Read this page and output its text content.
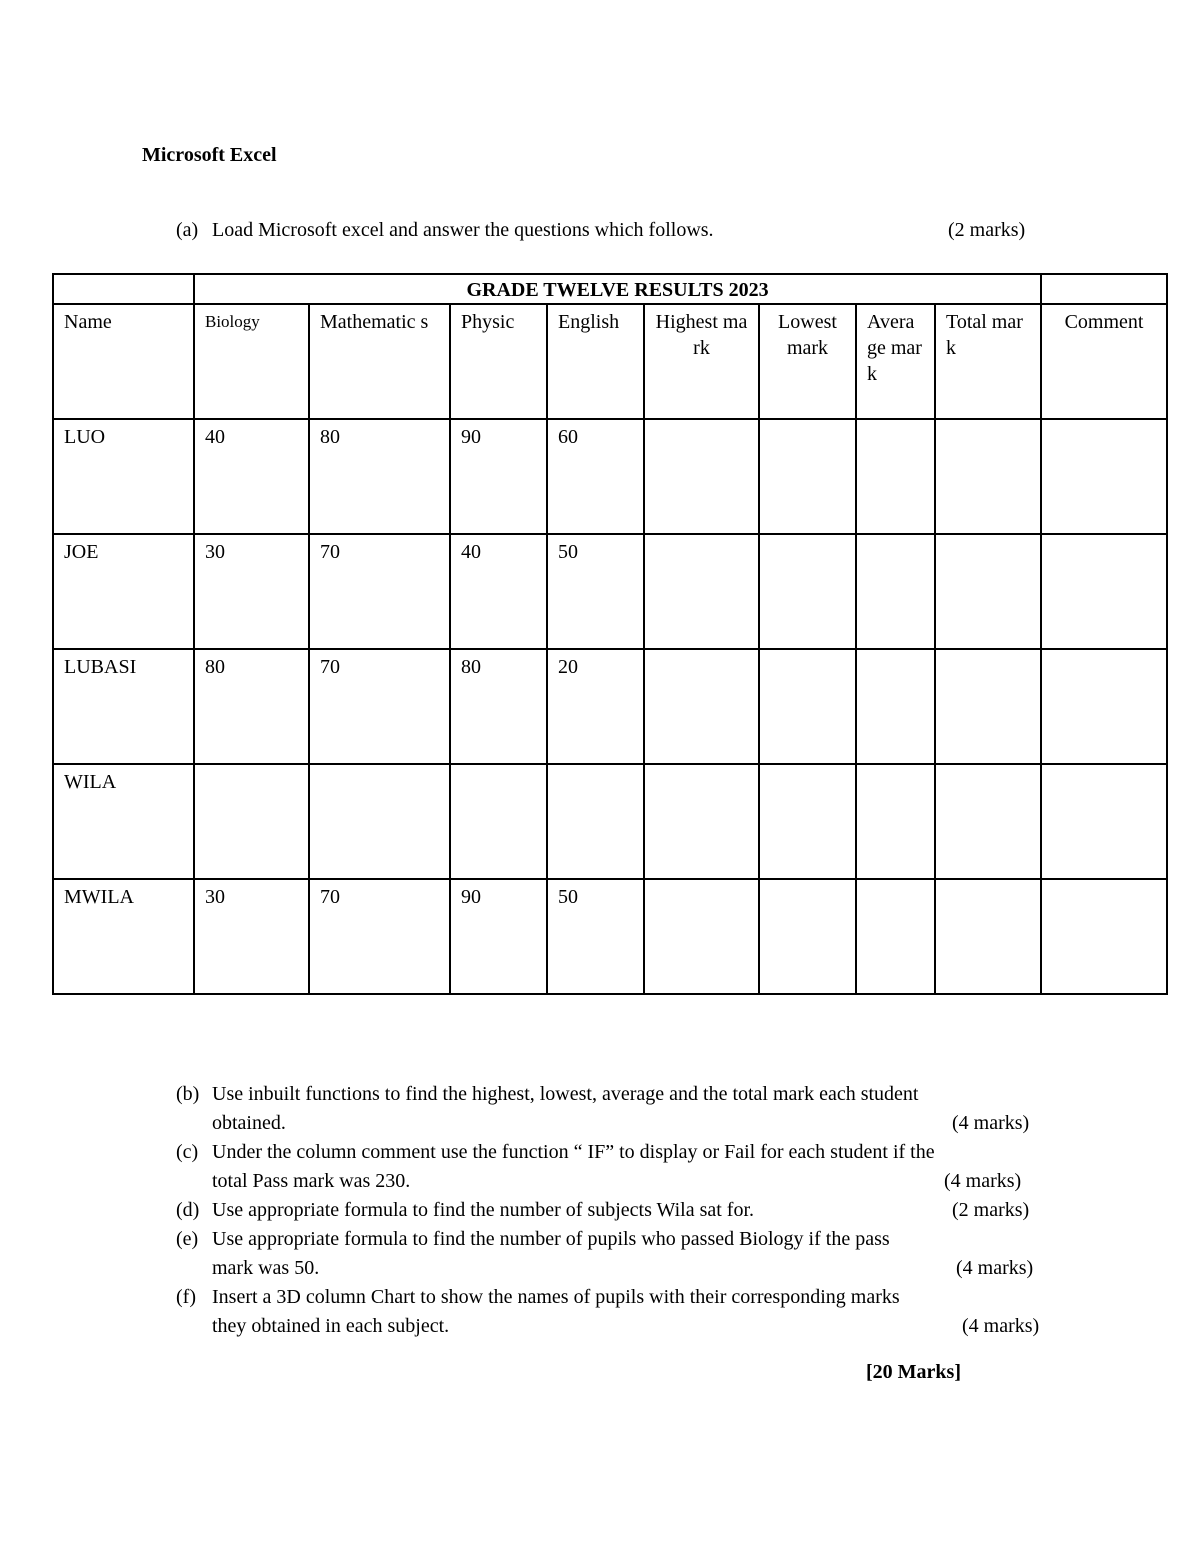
Microsoft Excel
(a) Load Microsoft excel and answer the questions which follows.	(2 marks)
	GRADE TWELVE RESULTS 2023								
Name	Biology	Mathematic s	Physic	English	Highest mark	Lowest mark	Avera ge mark	Total mark	Comment
LUO	40	80	90	60					
JOE	30	70	40	50					
LUBASI	80	70	80	20					
WILA									
MWILA	30	70	90	50					
(b) Use inbuilt functions to find the highest, lowest, average and the total mark each student
obtained.	(4 marks)
(c) Under the column comment use the function “ IF” to display or Fail for each student if the
total Pass mark was 230.	(4 marks)
(d) Use appropriate formula to find the number of subjects Wila sat for.	(2 marks)
(e) Use appropriate formula to find the number of pupils who passed Biology if the pass
mark was 50.	(4 marks)
(f) Insert a 3D column Chart to show the names of pupils with their corresponding marks
they obtained in each subject.	(4 marks)
[20 Marks]
